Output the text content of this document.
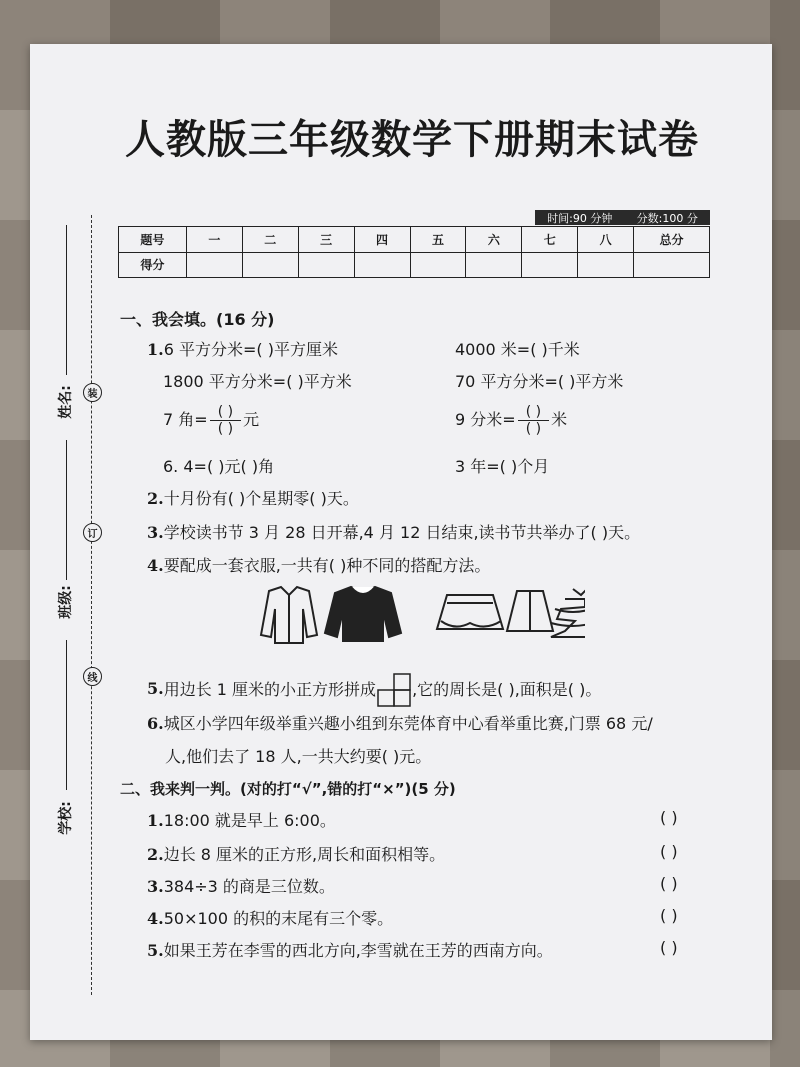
人教版三年级数学下册期末试卷
时间:90 分钟 分数:100 分
题号	一	二	三	四	五	六	七	八	总分
得分									
装
订
线
姓名:
班级:
学校:
一、我会填。(16 分)
1.6 平方分米=( )平方厘米	4000 米=( )千米
1800 平方分米=( )平方米	70 平方分米=( )平方米
7 角= $\frac{( )}{( )}$ 元	9 分米= $\frac{( )}{( )}$ 米
6. 4=( )元( )角	3 年=( )个月
2.十月份有( )个星期零( )天。
3.学校读书节 3 月 28 日开幕,4 月 12 日结束,读书节共举办了( )天。
4.要配成一套衣服,一共有( )种不同的搭配方法。
5. 用边长 1 厘米的小正方形拼成 ,它的周长是( ),面积是( )。
6.城区小学四年级举重兴趣小组到东莞体育中心看举重比赛,门票 68 元/
人,他们去了 18 人,一共大约要( )元。
二、我来判一判。(对的打“√”,错的打“×”)(5 分)
1.18:00 就是早上 6:00。	( )
2.边长 8 厘米的正方形,周长和面积相等。	( )
3.384÷3 的商是三位数。	( )
4.50×100 的积的末尾有三个零。	( )
5.如果王芳在李雪的西北方向,李雪就在王芳的西南方向。	( )
